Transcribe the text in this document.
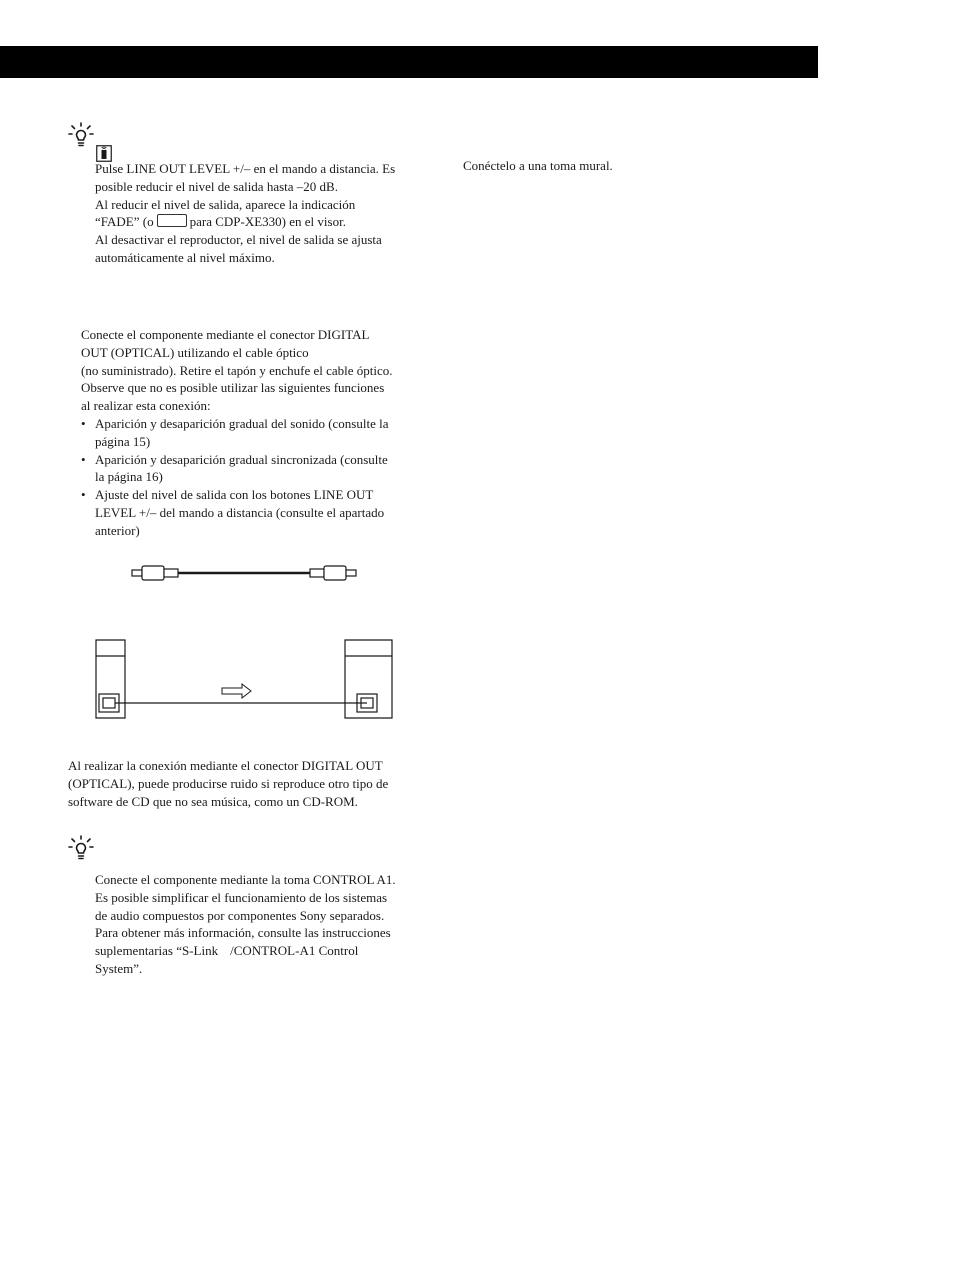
Pulse LINE OUT LEVEL +/– en el mando a distancia. Es
posible reducir el nivel de salida hasta –20 dB.
Al reducir el nivel de salida, aparece la indicación
“FADE” (o	para CDP-XE330) en el visor.
Al desactivar el reproductor, el nivel de salida se ajusta
automáticamente al nivel máximo.
Conecte el componente mediante el conector DIGITAL
OUT (OPTICAL) utilizando el cable óptico
(no suministrado). Retire el tapón y enchufe el cable óptico.
Observe que no es posible utilizar las siguientes funciones
al realizar esta conexión:
• Aparición y desaparición gradual del sonido (consulte la
página 15)
• Aparición y desaparición gradual sincronizada (consulte
la página 16)
• Ajuste del nivel de salida con los botones LINE OUT
LEVEL +/– del mando a distancia (consulte el apartado
anterior)
Al realizar la conexión mediante el conector DIGITAL OUT
(OPTICAL), puede producirse ruido si reproduce otro tipo de
software de CD que no sea música, como un CD-ROM.
Conecte el componente mediante la toma CONTROL A1.
Es posible simplificar el funcionamiento de los sistemas
de audio compuestos por componentes Sony separados.
Para obtener más información, consulte las instrucciones
suplementarias “S-Link /CONTROL-A1 Control
System”.
Conéctelo a una toma mural.
